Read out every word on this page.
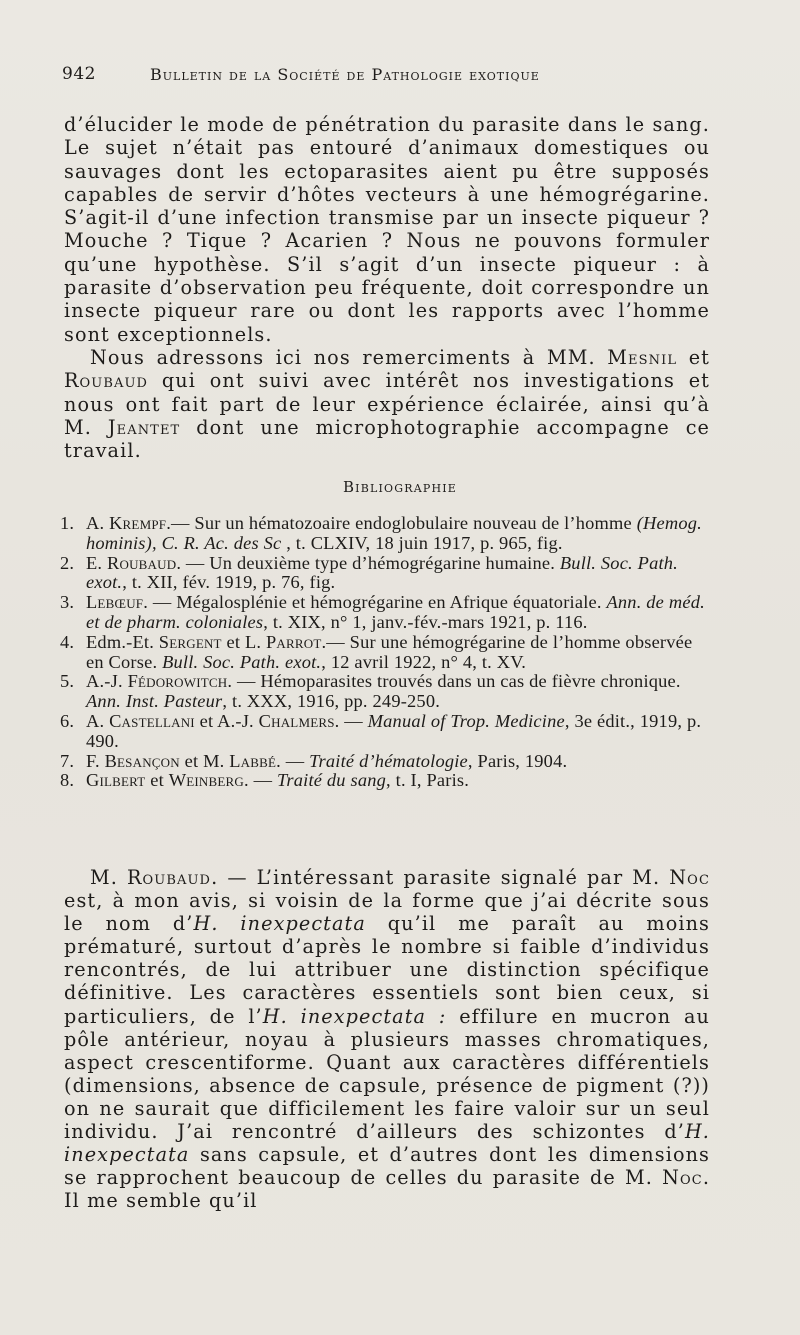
942	Bulletin de la Société de Pathologie exotique

d’élucider le mode de pénétration du parasite dans le sang. Le sujet n’était pas entouré d’animaux domestiques ou sauvages dont les ectoparasites aient pu être supposés capables de servir d’hôtes vecteurs à une hémogrégarine. S’agit-il d’une infection transmise par un insecte piqueur ? Mouche ? Tique ? Acarien ? Nous ne pouvons formuler qu’une hypothèse. S’il s’agit d’un insecte piqueur : à parasite d’observation peu fréquente, doit correspondre un insecte piqueur rare ou dont les rapports avec l’homme sont exceptionnels.

Nous adressons ici nos remerciments à MM. Mesnil et Roubaud qui ont suivi avec intérêt nos investigations et nous ont fait part de leur expérience éclairée, ainsi qu’à M. Jeantet dont une microphotographie accompagne ce travail.

Bibliographie
1. A. Krempf.— Sur un hématozoaire endoglobulaire nouveau de l’homme (Hemog. hominis), C. R. Ac. des Sc , t. CLXIV, 18 juin 1917, p. 965, fig.
2. E. Roubaud. — Un deuxième type d’hémogrégarine humaine. Bull. Soc. Path. exot., t. XII, fév. 1919, p. 76, fig.
3. Lebœuf. — Mégalosplénie et hémogrégarine en Afrique équatoriale. Ann. de méd. et de pharm. coloniales, t. XIX, n° 1, janv.-fév.-mars 1921, p. 116.
4. Edm.-Et. Sergent et L. Parrot.— Sur une hémogrégarine de l’homme observée en Corse. Bull. Soc. Path. exot., 12 avril 1922, n° 4, t. XV.
5. A.-J. Fédorowitch. — Hémoparasites trouvés dans un cas de fièvre chronique. Ann. Inst. Pasteur, t. XXX, 1916, pp. 249-250.
6. A. Castellani et A.-J. Chalmers. — Manual of Trop. Medicine, 3e édit., 1919, p. 490.
7. F. Besançon et M. Labbé. — Traité d’hématologie, Paris, 1904.
8. Gilbert et Weinberg. — Traité du sang, t. I, Paris.

M. Roubaud. — L’intéressant parasite signalé par M. Noc est, à mon avis, si voisin de la forme que j’ai décrite sous le nom d’H. inexpectata qu’il me paraît au moins prématuré, surtout d’après le nombre si faible d’individus rencontrés, de lui attribuer une distinction spécifique définitive. Les caractères essentiels sont bien ceux, si particuliers, de l’H. inexpectata : effilure en mucron au pôle antérieur, noyau à plusieurs masses chromatiques, aspect crescentiforme. Quant aux caractères différentiels (dimensions, absence de capsule, présence de pigment (?)) on ne saurait que difficilement les faire valoir sur un seul individu. J’ai rencontré d’ailleurs des schizontes d’H. inexpectata sans capsule, et d’autres dont les dimensions se rapprochent beaucoup de celles du parasite de M. Noc. Il me semble qu’il
